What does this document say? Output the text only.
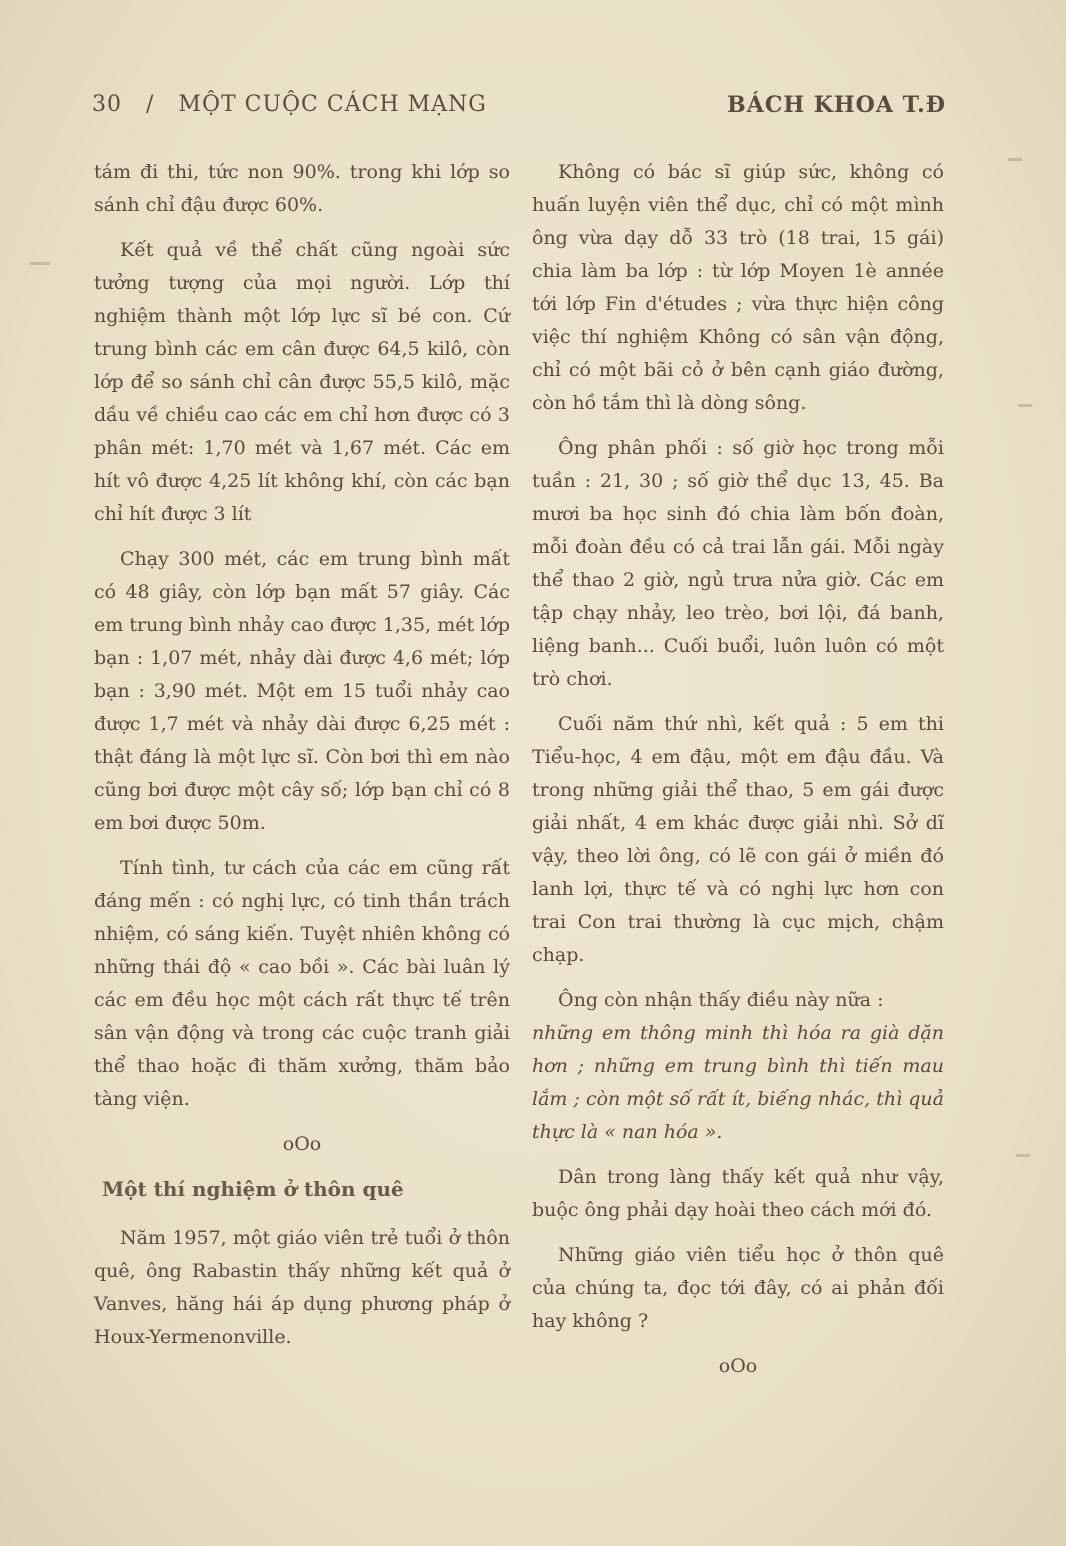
30 / MỘT CUỘC CÁCH MẠNG	BÁCH KHOA T.Đ

tám đi thi, tức non 90%. trong khi lớp so sánh chỉ đậu được 60%.

Kết quả về thể chất cũng ngoài sức tưởng tượng của mọi người. Lớp thí nghiệm thành một lớp lực sĩ bé con. Cứ trung bình các em cân được 64,5 kilô, còn lớp để so sánh chỉ cân được 55,5 kilô, mặc dầu về chiều cao các em chỉ hơn được có 3 phân mét: 1,70 mét và 1,67 mét. Các em hít vô được 4,25 lít không khí, còn các bạn chỉ hít được 3 lít

Chạy 300 mét, các em trung bình mất có 48 giây, còn lớp bạn mất 57 giây. Các em trung bình nhảy cao được 1,35, mét lớp bạn : 1,07 mét, nhảy dài được 4,6 mét; lớp bạn : 3,90 mét. Một em 15 tuổi nhảy cao được 1,7 mét và nhảy dài được 6,25 mét : thật đáng là một lực sĩ. Còn bơi thì em nào cũng bơi được một cây số; lớp bạn chỉ có 8 em bơi được 50m.

Tính tình, tư cách của các em cũng rất đáng mến : có nghị lực, có tinh thần trách nhiệm, có sáng kiến. Tuyệt nhiên không có những thái độ « cao bồi ». Các bài luân lý các em đều học một cách rất thực tế trên sân vận động và trong các cuộc tranh giải thể thao hoặc đi thăm xưởng, thăm bảo tàng viện.

oOo
Một thí nghiệm ở thôn quê

Năm 1957, một giáo viên trẻ tuổi ở thôn quê, ông Rabastin thấy những kết quả ở Vanves, hăng hái áp dụng phương pháp ở Houx-Yermenonville.

Không có bác sĩ giúp sức, không có huấn luyện viên thể dục, chỉ có một mình ông vừa dạy dỗ 33 trò (18 trai, 15 gái) chia làm ba lớp : từ lớp Moyen 1è année tới lớp Fin d'études ; vừa thực hiện công việc thí nghiệm Không có sân vận động, chỉ có một bãi cỏ ở bên cạnh giáo đường, còn hồ tắm thì là dòng sông.

Ông phân phối : số giờ học trong mỗi tuần : 21, 30 ; số giờ thể dục 13, 45. Ba mươi ba học sinh đó chia làm bốn đoàn, mỗi đoàn đều có cả trai lẫn gái. Mỗi ngày thể thao 2 giờ, ngủ trưa nửa giờ. Các em tập chạy nhảy, leo trèo, bơi lội, đá banh, liệng banh... Cuối buổi, luôn luôn có một trò chơi.

Cuối năm thứ nhì, kết quả : 5 em thi Tiểu-học, 4 em đậu, một em đậu đầu. Và trong những giải thể thao, 5 em gái được giải nhất, 4 em khác được giải nhì. Sở dĩ vậy, theo lời ông, có lẽ con gái ở miền đó lanh lợi, thực tế và có nghị lực hơn con trai Con trai thường là cục mịch, chậm chạp.

Ông còn nhận thấy điều này nữa :

những em thông minh thì hóa ra già dặn hơn ; những em trung bình thì tiến mau lắm ; còn một số rất ít, biếng nhác, thì quả thực là « nan hóa ».

Dân trong làng thấy kết quả như vậy, buộc ông phải dạy hoài theo cách mới đó.

Những giáo viên tiểu học ở thôn quê của chúng ta, đọc tới đây, có ai phản đối hay không ?

oOo
